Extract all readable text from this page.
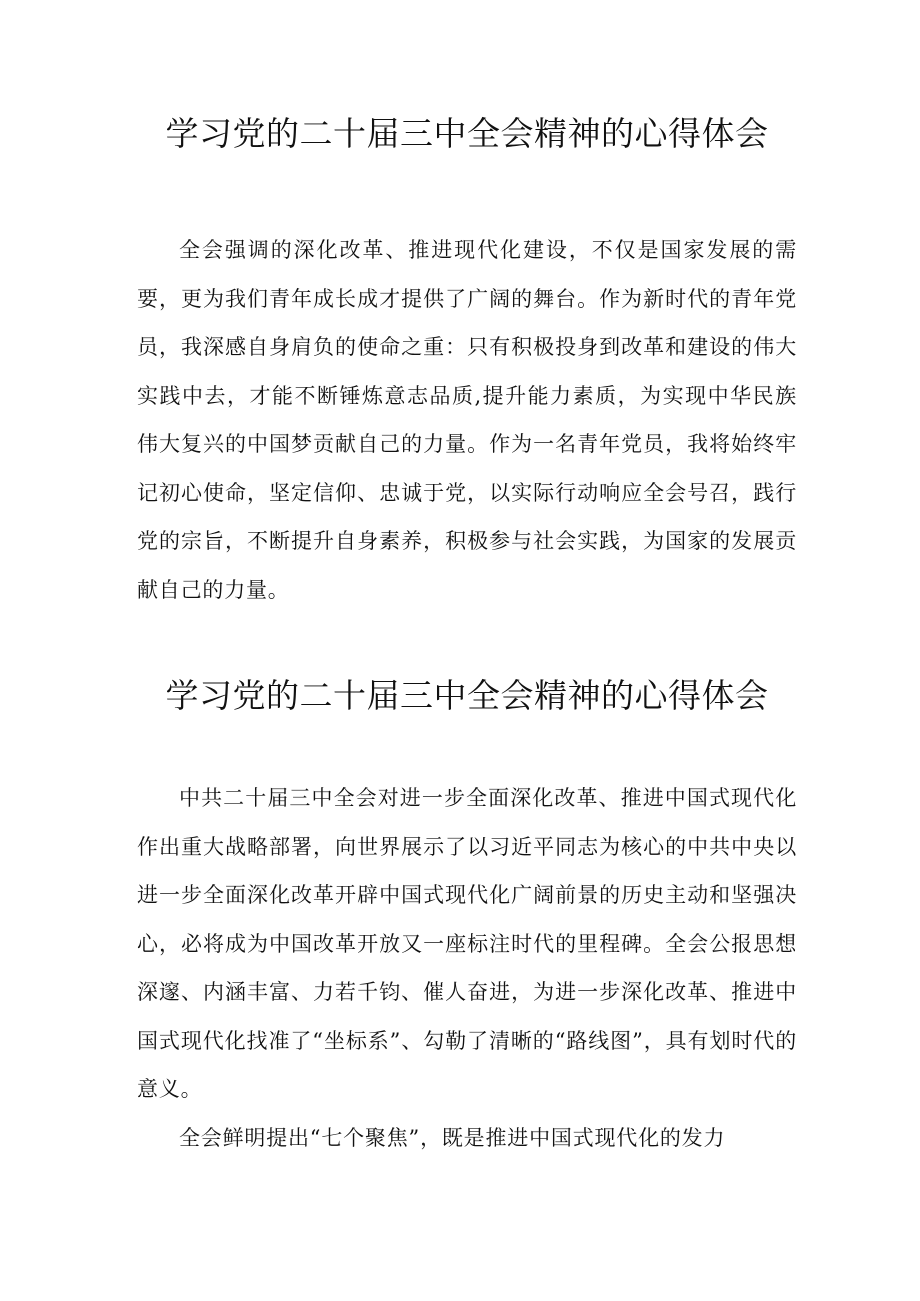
学习党的二十届三中全会精神的心得体会

全会强调的深化改革、推进现代化建设，不仅是国家发展的需要，更为我们青年成长成才提供了广阔的舞台。作为新时代的青年党员，我深感自身肩负的使命之重：只有积极投身到改革和建设的伟大实践中去，才能不断锤炼意志品质,提升能力素质，为实现中华民族伟大复兴的中国梦贡献自己的力量。作为一名青年党员，我将始终牢记初心使命，坚定信仰、忠诚于党，以实际行动响应全会号召，践行党的宗旨，不断提升自身素养，积极参与社会实践，为国家的发展贡献自己的力量。

学习党的二十届三中全会精神的心得体会

中共二十届三中全会对进一步全面深化改革、推进中国式现代化作出重大战略部署，向世界展示了以习近平同志为核心的中共中央以进一步全面深化改革开辟中国式现代化广阔前景的历史主动和坚强决心，必将成为中国改革开放又一座标注时代的里程碑。全会公报思想深邃、内涵丰富、力若千钧、催人奋进，为进一步深化改革、推进中国式现代化找准了“坐标系”、勾勒了清晰的“路线图”，具有划时代的意义。

全会鲜明提出“七个聚焦”，既是推进中国式现代化的发力
